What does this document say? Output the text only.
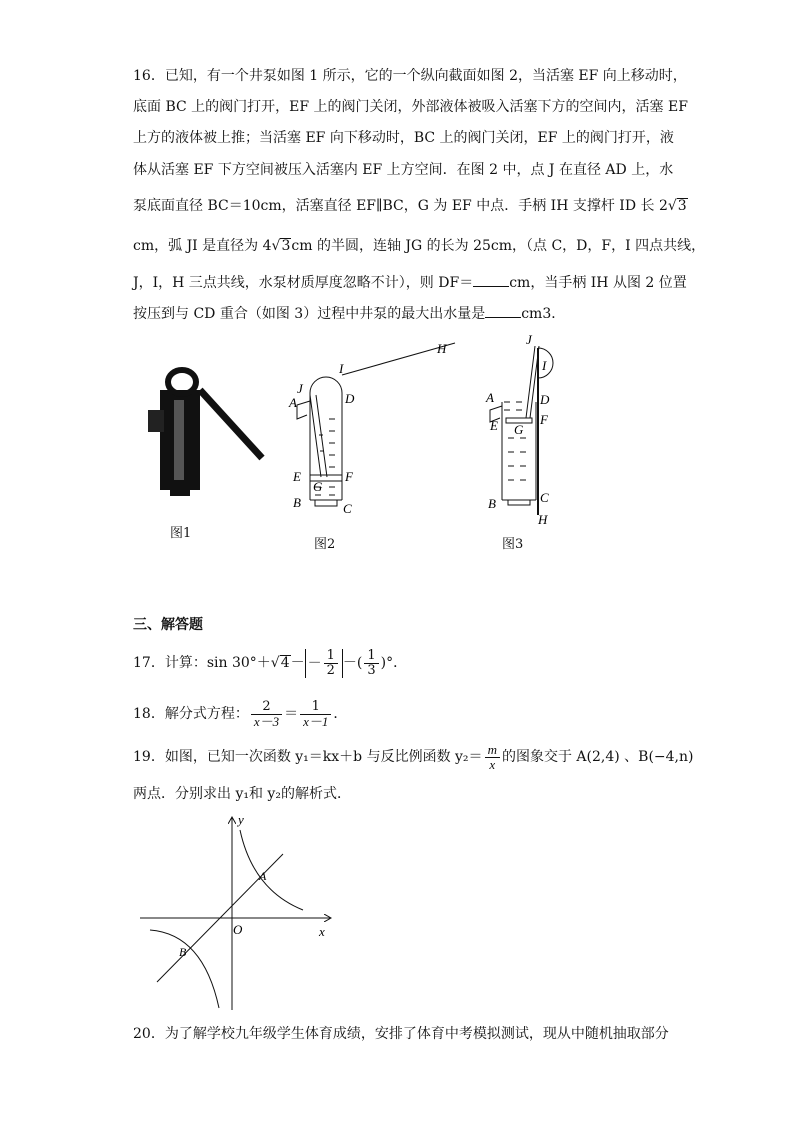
16．已知，有一个井泵如图 1 所示，它的一个纵向截面如图 2，当活塞 EF 向上移动时，
底面 BC 上的阀门打开，EF 上的阀门关闭，外部液体被吸入活塞下方的空间内，活塞 EF
上方的液体被上推；当活塞 EF 向下移动时，BC 上的阀门关闭，EF 上的阀门打开，液
体从活塞 EF 下方空间被压入活塞内 EF 上方空间．在图 2 中，点 J 在直径 AD 上，水
泵底面直径 BC＝10cm，活塞直径 EF∥BC，G 为 EF 中点．手柄 IH 支撑杆 ID 长 2√3
cm，弧 JI 是直径为 4√3cm 的半圆，连轴 JG 的长为 25cm，（点 C，D，F，I 四点共线，
J，I，H 三点共线，水泵材质厚度忽略不计），则 DF＝	cm，当手柄 IH 从图 2 位置
按压到与 CD 重合（如图 3）过程中井泵的最大出水量是	cm3．
图1
D
I
H
J
A
E	F
G
B	C
图2
J
I
A	D
F
E G
B	C
H
图3
三、解答题
17．计算：$\sin 30^\circ+√4- - \frac{1}{2}$ －( $\frac{1}{3}$ )°．
18．解分式方程： $\frac{2}{x-3} = \frac{1}{x-1}$ ．
19．如图，已知一次函数 y₁＝kx＋b 与反比例函数 $y_2= \frac{m}{x}$ 的图象交于 A(2,4) 、B(−4,n)
两点．分别求出 y₁和 y₂的解析式．
y
x
O
A
B
20．为了解学校九年级学生体育成绩，安排了体育中考模拟测试，现从中随机抽取部分
